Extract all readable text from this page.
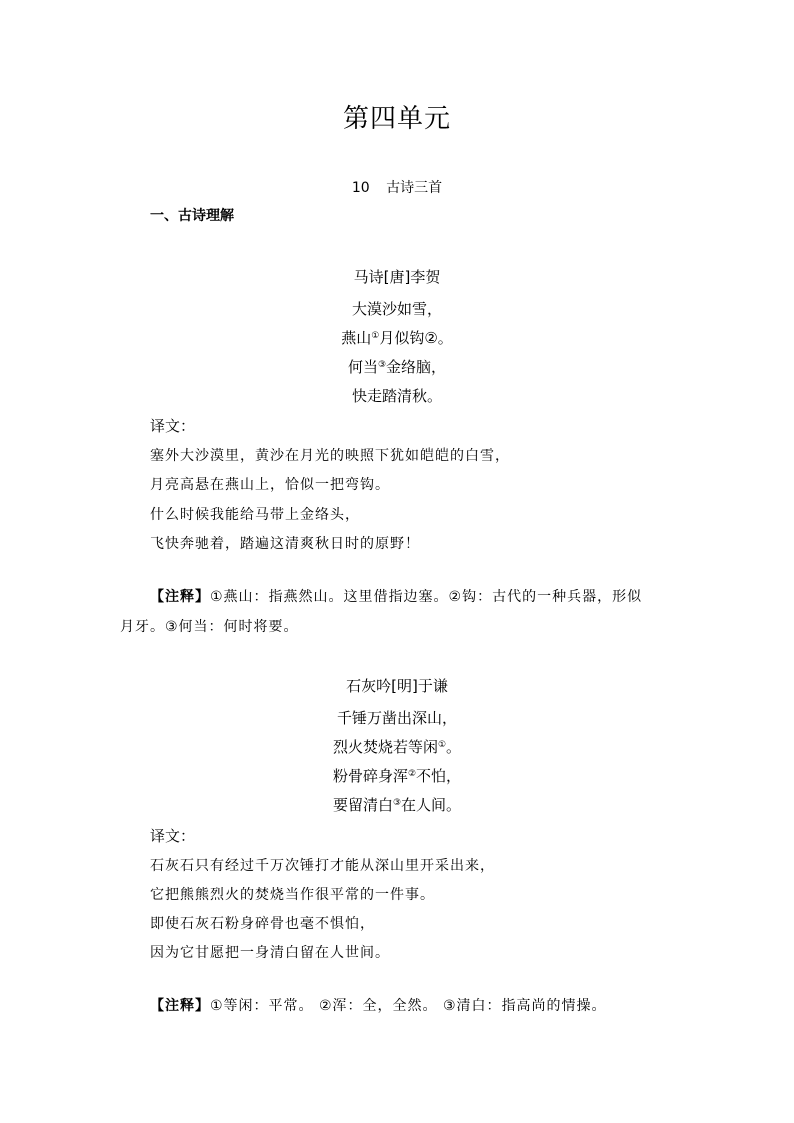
第四单元
10 古诗三首
一、古诗理解
马诗[唐]李贺
大漠沙如雪，
燕山①月似钩②。
何当③金络脑，
快走踏清秋。
译文：
塞外大沙漠里，黄沙在月光的映照下犹如皑皑的白雪，
月亮高悬在燕山上，恰似一把弯钩。
什么时候我能给马带上金络头，
飞快奔驰着，踏遍这清爽秋日时的原野！
【注释】①燕山：指燕然山。这里借指边塞。②钩：古代的一种兵器，形似
月牙。③何当：何时将要。
石灰吟[明]于谦
千锤万凿出深山，
烈火焚烧若等闲①。
粉骨碎身浑②不怕，
要留清白③在人间。
译文：
石灰石只有经过千万次锤打才能从深山里开采出来，
它把熊熊烈火的焚烧当作很平常的一件事。
即使石灰石粉身碎骨也毫不惧怕，
因为它甘愿把一身清白留在人世间。
【注释】①等闲：平常。 ②浑：全，全然。 ③清白：指高尚的情操。
